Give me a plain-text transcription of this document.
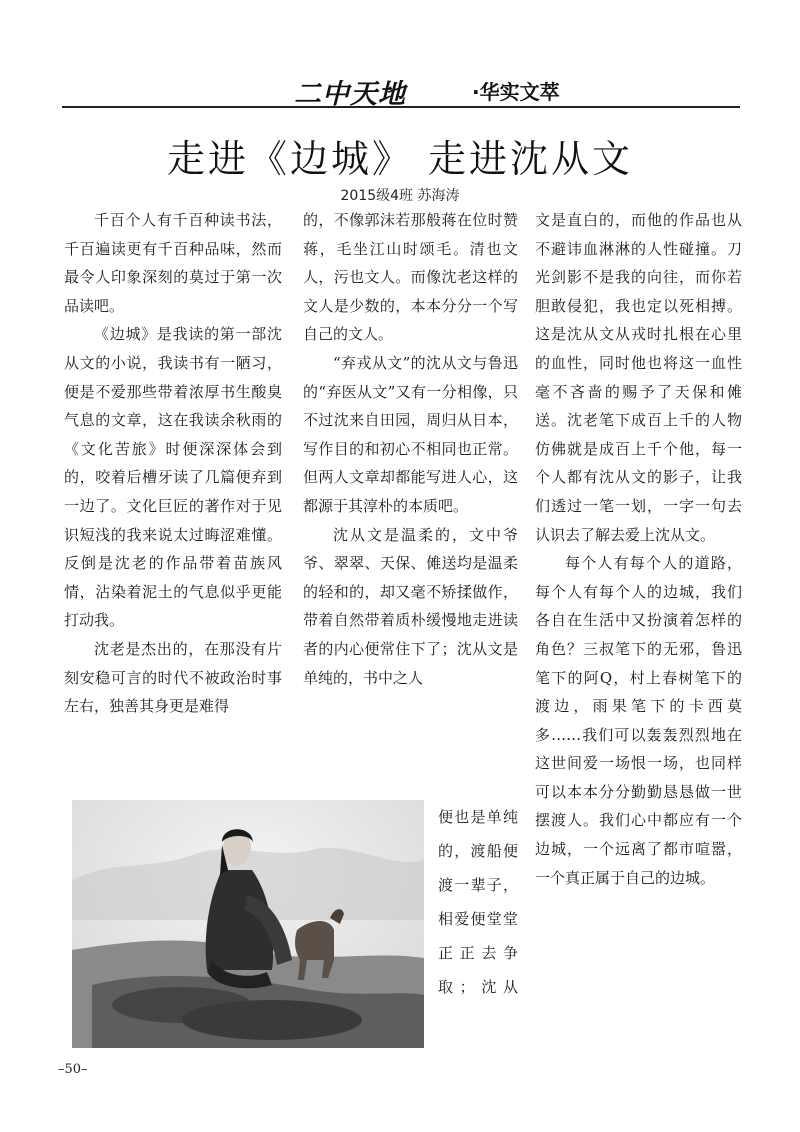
二中天地	·华实文萃
走进《边城》 走进沈从文
2015级4班 苏海涛

千百个人有千百种读书法，千百遍读更有千百种品味，然而最令人印象深刻的莫过于第一次品读吧。

《边城》是我读的第一部沈从文的小说，我读书有一陋习，便是不爱那些带着浓厚书生酸臭气息的文章，这在我读余秋雨的《文化苦旅》时便深深体会到的，咬着后槽牙读了几篇便弃到一边了。文化巨匠的著作对于见识短浅的我来说太过晦涩难懂。反倒是沈老的作品带着苗族风情，沾染着泥土的气息似乎更能打动我。

沈老是杰出的，在那没有片刻安稳可言的时代不被政治时事左右，独善其身更是难得

的，不像郭沫若那般蒋在位时赞蒋，毛坐江山时颂毛。清也文人，污也文人。而像沈老这样的文人是少数的，本本分分一个写自己的文人。

“弃戎从文”的沈从文与鲁迅的“弃医从文”又有一分相像，只不过沈来自田园，周归从日本，写作目的和初心不相同也正常。但两人文章却都能写进人心，这都源于其淳朴的本质吧。

沈从文是温柔的，文中爷爷、翠翠、天保、傩送均是温柔的轻和的，却又毫不矫揉做作，带着自然带着质朴缓慢地走进读者的内心便常住下了；沈从文是单纯的，书中之人

便也是单纯的，渡船便渡一辈子，相爱便堂堂正正去争取；沈从

文是直白的，而他的作品也从不避讳血淋淋的人性碰撞。刀光剑影不是我的向往，而你若胆敢侵犯，我也定以死相搏。这是沈从文从戎时扎根在心里的血性，同时他也将这一血性毫不吝啬的赐予了天保和傩送。沈老笔下成百上千的人物仿佛就是成百上千个他，每一个人都有沈从文的影子，让我们透过一笔一划，一字一句去认识去了解去爱上沈从文。

每个人有每个人的道路，每个人有每个人的边城，我们各自在生活中又扮演着怎样的角色？三叔笔下的无邪，鲁迅笔下的阿Q，村上春树笔下的渡边，雨果笔下的卡西莫多……我们可以轰轰烈烈地在这世间爱一场恨一场，也同样可以本本分分勤勤恳恳做一世摆渡人。我们心中都应有一个边城，一个远离了都市喧嚣，一个真正属于自己的边城。

–50–
